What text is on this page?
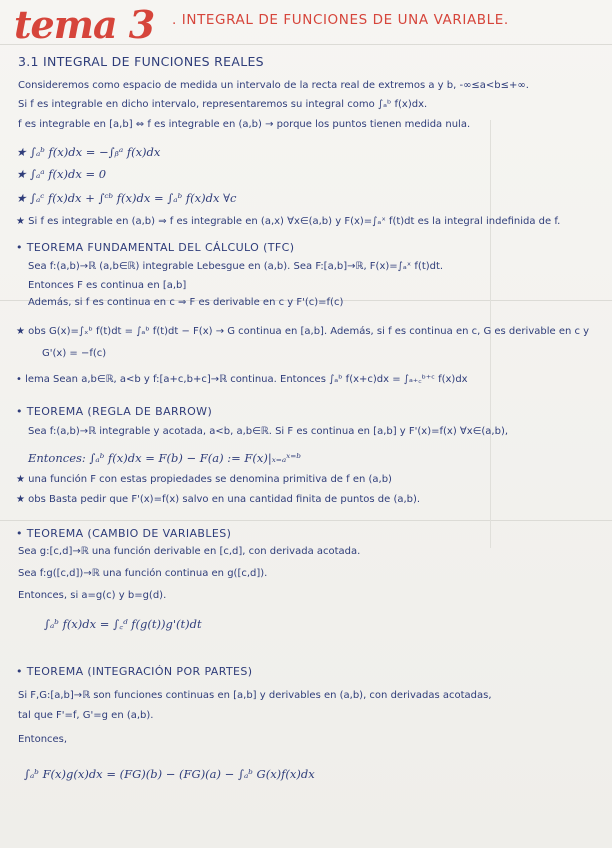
tema 3 . INTEGRAL DE FUNCIONES DE UNA VARIABLE.
3.1 INTEGRAL DE FUNCIONES REALES
Consideremos como espacio de medida un intervalo de la recta real de extremos a y b, -∞≤a<b≤+∞.
Si f es integrable en dicho intervalo, representaremos su integral como ∫ₐᵇ f(x)dx.
f es integrable en [a,b] ⇔ f es integrable en (a,b) → porque los puntos tienen medida nula.
★ ∫ₐᵇ f(x)dx = −∫ᵦᵃ f(x)dx
★ ∫ₐᵃ f(x)dx = 0
★ ∫ₐᶜ f(x)dx + ∫ᶜᵇ f(x)dx = ∫ₐᵇ f(x)dx ∀c
★ Si f es integrable en (a,b) ⇒ f es integrable en (a,x) ∀x∈(a,b) y F(x)=∫ₐˣ f(t)dt es la integral indefinida de f.
• TEOREMA FUNDAMENTAL DEL CÁLCULO (TFC)
Sea f:(a,b)→ℝ (a,b∈ℝ) integrable Lebesgue en (a,b). Sea F:[a,b]→ℝ, F(x)=∫ₐˣ f(t)dt.
Entonces F es continua en [a,b]
Además, si f es continua en c ⇒ F es derivable en c y F'(c)=f(c)
★ obs G(x)=∫ₓᵇ f(t)dt = ∫ₐᵇ f(t)dt − F(x) → G continua en [a,b]. Además, si f es continua en c, G es derivable en c y
G'(x) = −f(c)
• lema Sean a,b∈ℝ, a<b y f:[a+c,b+c]→ℝ continua. Entonces ∫ₐᵇ f(x+c)dx = ∫ₐ₊꜀ᵇ⁺ᶜ f(x)dx
• TEOREMA (REGLA DE BARROW)
Sea f:(a,b)→ℝ integrable y acotada, a<b, a,b∈ℝ. Si F es continua en [a,b] y F'(x)=f(x) ∀x∈(a,b),
Entonces: ∫ₐᵇ f(x)dx = F(b) − F(a) := F(x)|ₓ₌ₐˣ⁼ᵇ
★ una función F con estas propiedades se denomina primitiva de f en (a,b)
★ obs Basta pedir que F'(x)=f(x) salvo en una cantidad finita de puntos de (a,b).
• TEOREMA (CAMBIO DE VARIABLES)
Sea g:[c,d]→ℝ una función derivable en [c,d], con derivada acotada.
Sea f:g([c,d])→ℝ una función continua en g([c,d]).
Entonces, si a=g(c) y b=g(d).
∫ₐᵇ f(x)dx = ∫꜀ᵈ f(g(t))g'(t)dt
• TEOREMA (INTEGRACIÓN POR PARTES)
Si F,G:[a,b]→ℝ son funciones continuas en [a,b] y derivables en (a,b), con derivadas acotadas,
tal que F'=f, G'=g en (a,b).
Entonces,
∫ₐᵇ F(x)g(x)dx = (FG)(b) − (FG)(a) − ∫ₐᵇ G(x)f(x)dx
